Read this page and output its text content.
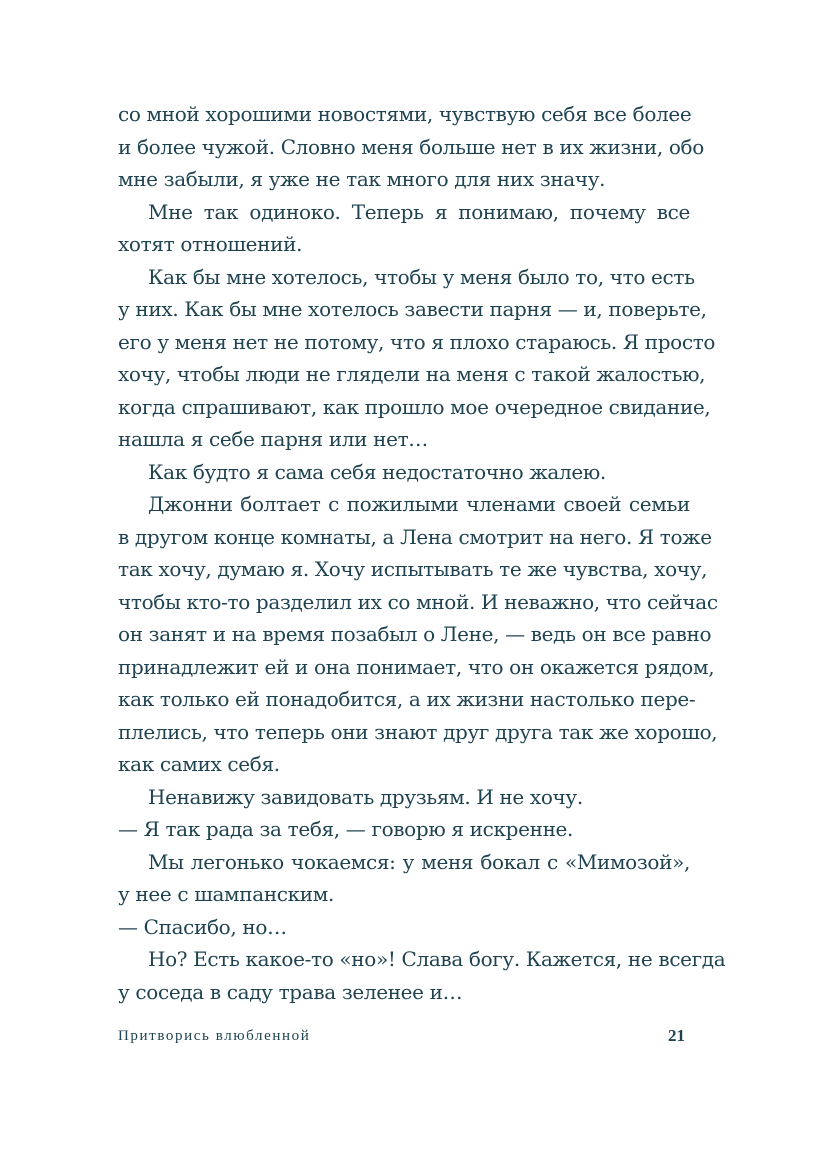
со мной хорошими новостями, чувствую себя все более
и более чужой. Словно меня больше нет в их жизни, обо
мне забыли, я уже не так много для них значу.
Мне так одиноко. Теперь я понимаю, почему все
хотят отношений.
Как бы мне хотелось, чтобы у меня было то, что есть
у них. Как бы мне хотелось завести парня — и, поверьте,
его у меня нет не потому, что я плохо стараюсь. Я просто
хочу, чтобы люди не глядели на меня с такой жалостью,
когда спрашивают, как прошло мое очередное свидание,
нашла я себе парня или нет…
Как будто я сама себя недостаточно жалею.
Джонни болтает с пожилыми членами своей семьи
в другом конце комнаты, а Лена смотрит на него. Я тоже
так хочу, думаю я. Хочу испытывать те же чувства, хочу,
чтобы кто-то разделил их со мной. И неважно, что сейчас
он занят и на время позабыл о Лене, — ведь он все равно
принадлежит ей и она понимает, что он окажется рядом,
как только ей понадобится, а их жизни настолько пере-
плелись, что теперь они знают друг друга так же хорошо,
как самих себя.
Ненавижу завидовать друзьям. И не хочу.
— Я так рада за тебя, — говорю я искренне.
Мы легонько чокаемся: у меня бокал с «Мимозой»,
у нее с шампанским.
— Спасибо, но…
Но? Есть какое-то «но»! Слава богу. Кажется, не всегда
у соседа в саду трава зеленее и…
Притворись влюбленной	21
